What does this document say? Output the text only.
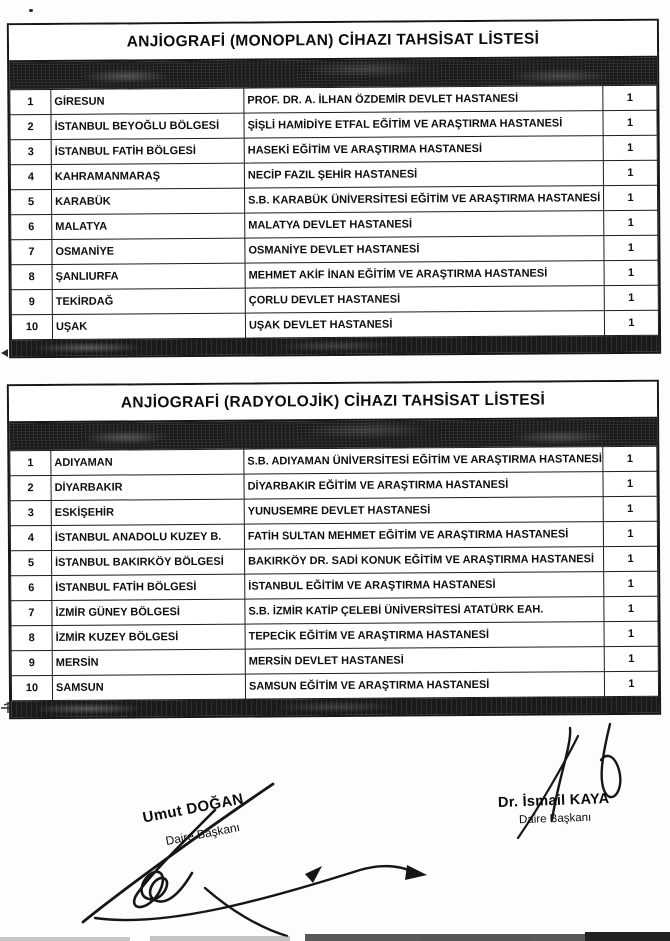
ANJİOGRAFİ (MONOPLAN) CİHAZI TAHSİSAT LİSTESİ
1	GİRESUN	PROF. DR. A. İLHAN ÖZDEMİR DEVLET HASTANESİ	1
2	İSTANBUL BEYOĞLU BÖLGESİ	ŞİŞLİ HAMİDİYE ETFAL EĞİTİM VE ARAŞTIRMA HASTANESİ	1
3	İSTANBUL FATİH BÖLGESİ	HASEKİ EĞİTİM VE ARAŞTIRMA HASTANESİ	1
4	KAHRAMANMARAŞ	NECİP FAZIL ŞEHİR HASTANESİ	1
5	KARABÜK	S.B. KARABÜK ÜNİVERSİTESİ EĞİTİM VE ARAŞTIRMA HASTANESİ	1
6	MALATYA	MALATYA DEVLET HASTANESİ	1
7	OSMANİYE	OSMANİYE DEVLET HASTANESİ	1
8	ŞANLIURFA	MEHMET AKİF İNAN EĞİTİM VE ARAŞTIRMA HASTANESİ	1
9	TEKİRDAĞ	ÇORLU DEVLET HASTANESİ	1
10	UŞAK	UŞAK DEVLET HASTANESİ	1
ANJİOGRAFİ (RADYOLOJİK) CİHAZI TAHSİSAT LİSTESİ
1	ADIYAMAN	S.B. ADIYAMAN ÜNİVERSİTESİ EĞİTİM VE ARAŞTIRMA HASTANESİ	1
2	DİYARBAKIR	DİYARBAKIR EĞİTİM VE ARAŞTIRMA HASTANESİ	1
3	ESKİŞEHİR	YUNUSEMRE DEVLET HASTANESİ	1
4	İSTANBUL ANADOLU KUZEY B.	FATİH SULTAN MEHMET EĞİTİM VE ARAŞTIRMA HASTANESİ	1
5	İSTANBUL BAKIRKÖY BÖLGESİ	BAKIRKÖY DR. SADİ KONUK EĞİTİM VE ARAŞTIRMA HASTANESİ	1
6	İSTANBUL FATİH BÖLGESİ	İSTANBUL EĞİTİM VE ARAŞTIRMA HASTANESİ	1
7	İZMİR GÜNEY BÖLGESİ	S.B. İZMİR KATİP ÇELEBİ ÜNİVERSİTESİ ATATÜRK EAH.	1
8	İZMİR KUZEY BÖLGESİ	TEPECİK EĞİTİM VE ARAŞTIRMA HASTANESİ	1
9	MERSİN	MERSİN DEVLET HASTANESİ	1
10	SAMSUN	SAMSUN EĞİTİM VE ARAŞTIRMA HASTANESİ	1
Umut DOĞAN
Daire Başkanı
Dr. İsmail KAYA
Daire Başkanı
